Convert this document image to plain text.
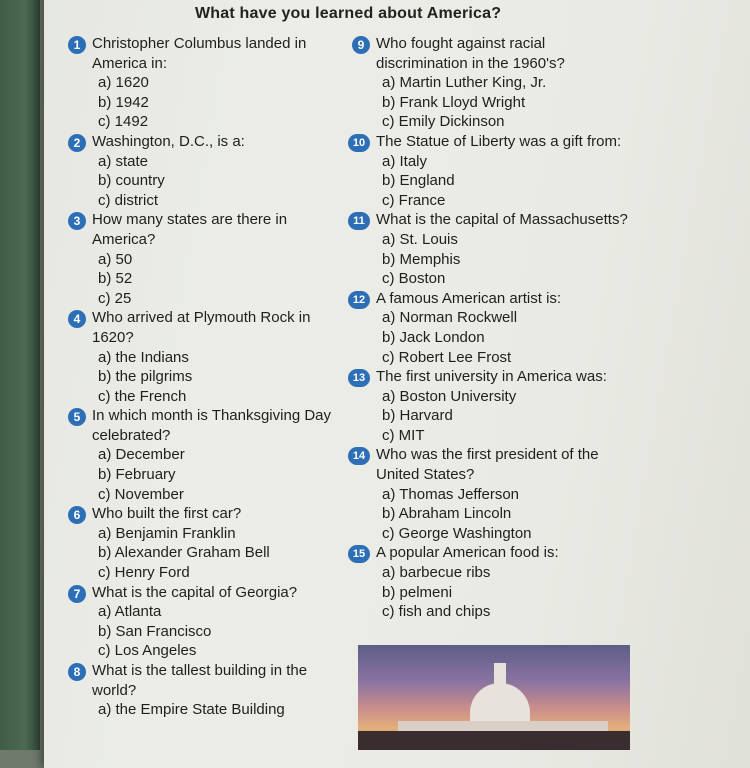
What have you learned about America?
1 Christopher Columbus landed in America in:
a) 1620
b) 1942
c) 1492
2 Washington, D.C., is a:
a) state
b) country
c) district
3 How many states are there in America?
a) 50
b) 52
c) 25
4 Who arrived at Plymouth Rock in 1620?
a) the Indians
b) the pilgrims
c) the French
5 In which month is Thanksgiving Day celebrated?
a) December
b) February
c) November
6 Who built the first car?
a) Benjamin Franklin
b) Alexander Graham Bell
c) Henry Ford
7 What is the capital of Georgia?
a) Atlanta
b) San Francisco
c) Los Angeles
8 What is the tallest building in the world?
a) the Empire State Building
9 Who fought against racial discrimination in the 1960's?
a) Martin Luther King, Jr.
b) Frank Lloyd Wright
c) Emily Dickinson
10 The Statue of Liberty was a gift from:
a) Italy
b) England
c) France
11 What is the capital of Massachusetts?
a) St. Louis
b) Memphis
c) Boston
12 A famous American artist is:
a) Norman Rockwell
b) Jack London
c) Robert Lee Frost
13 The first university in America was:
a) Boston University
b) Harvard
c) MIT
14 Who was the first president of the United States?
a) Thomas Jefferson
b) Abraham Lincoln
c) George Washington
15 A popular American food is:
a) barbecue ribs
b) pelmeni
c) fish and chips
